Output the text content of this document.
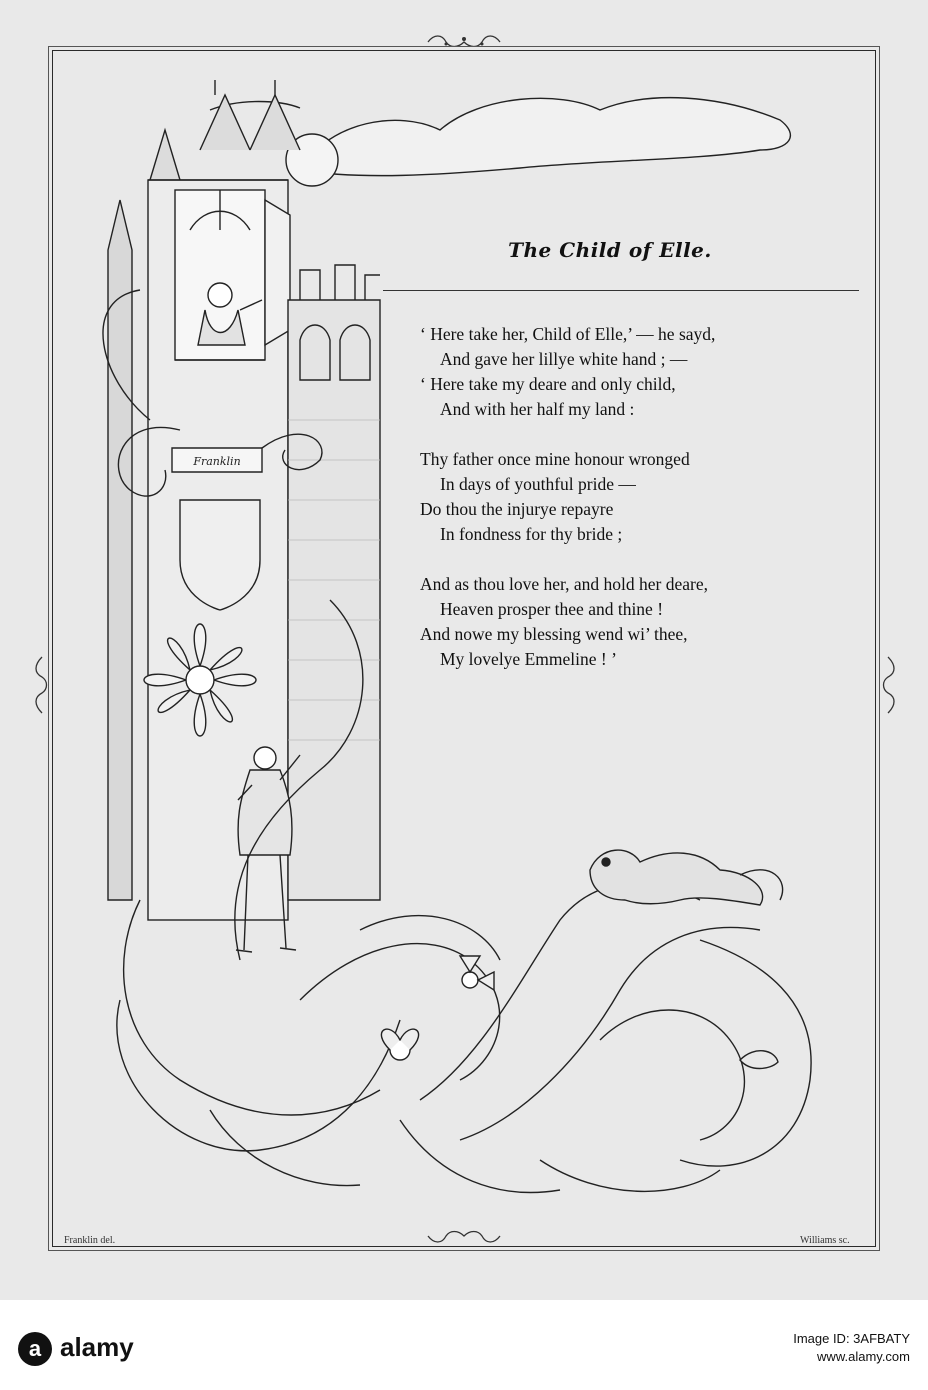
Franklin
The Child of Elle.
‘ Here take her, Child of Elle,’ — he sayd,
And gave her lillye white hand ; —
‘ Here take my deare and only child,
And with her half my land :
Thy father once mine honour wronged
In days of youthful pride —
Do thou the injurye repayre
In fondness for thy bride ;
And as thou love her, and hold her deare,
Heaven prosper thee and thine !
And nowe my blessing wend wi’ thee,
My lovelye Emmeline ! ’
Franklin del.	Williams sc.
a alamy	Image ID: 3AFBATY
www.alamy.com
